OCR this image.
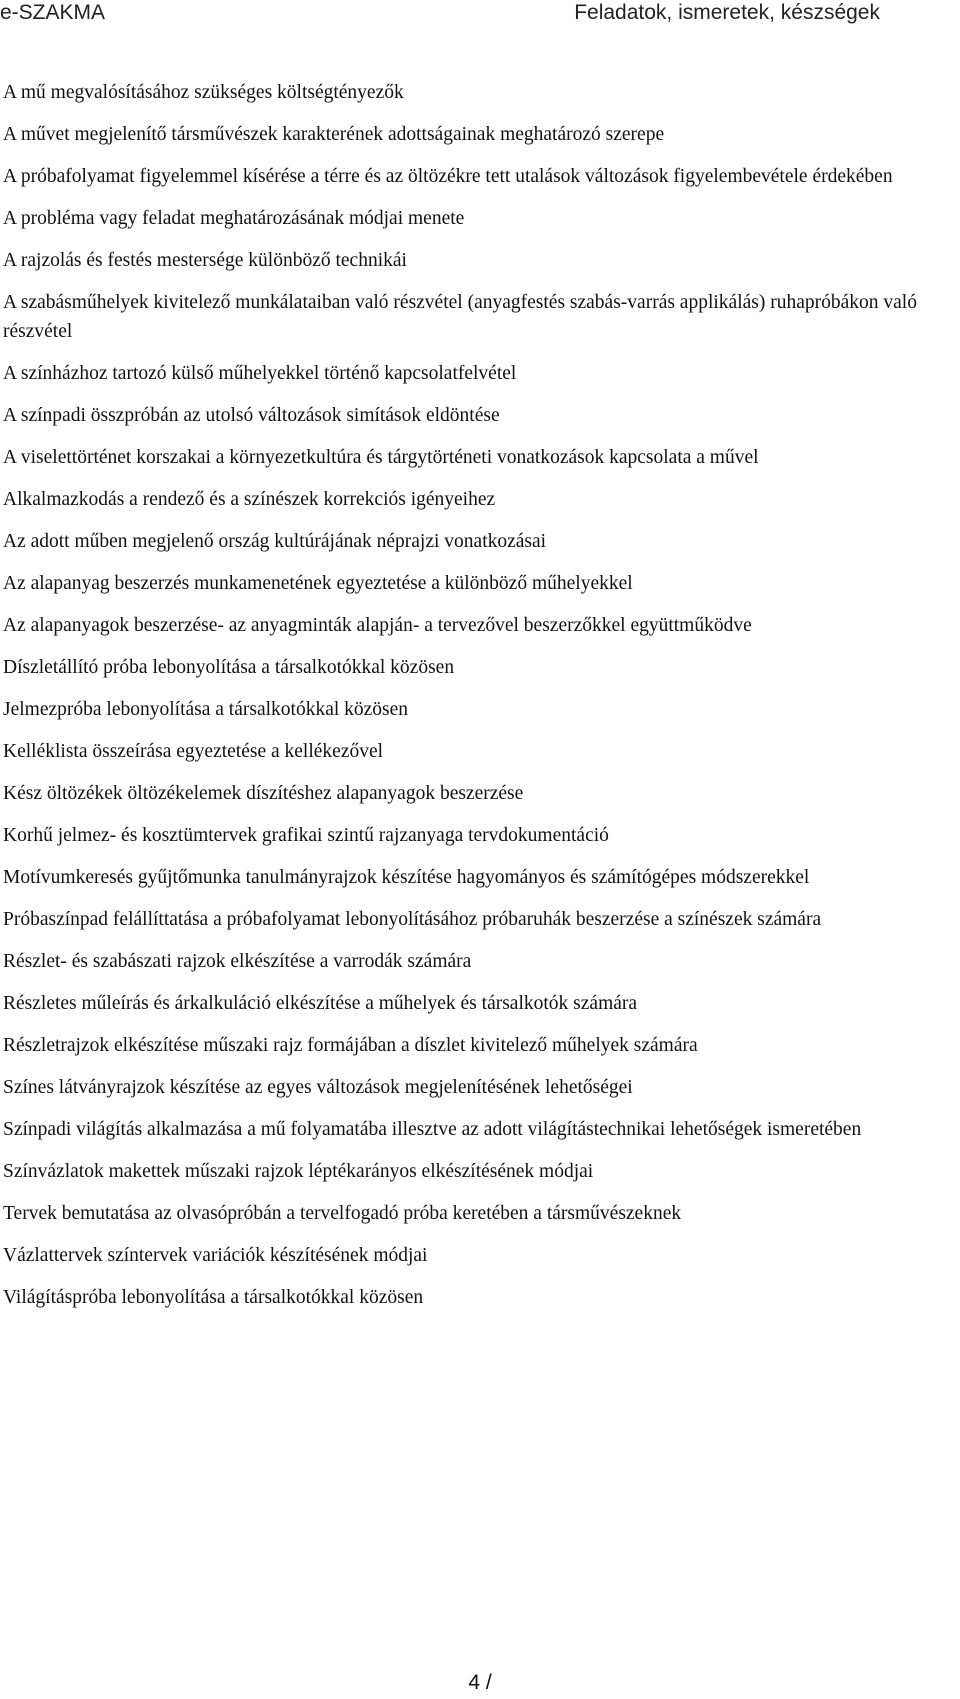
e-SZAKMA	Feladatok, ismeretek, készségek

A mű megvalósításához szükséges költségtényezők

A művet megjelenítő társművészek karakterének adottságainak meghatározó szerepe

A próbafolyamat figyelemmel kísérése a térre és az öltözékre tett utalások változások figyelembevétele érdekében

A probléma vagy feladat meghatározásának módjai menete

A rajzolás és festés mestersége különböző technikái

A szabásműhelyek kivitelező munkálataiban való részvétel (anyagfestés szabás-varrás applikálás) ruhapróbákon való részvétel

A színházhoz tartozó külső műhelyekkel történő kapcsolatfelvétel

A színpadi összpróbán az utolsó változások simítások eldöntése

A viselettörténet korszakai a környezetkultúra és tárgytörténeti vonatkozások kapcsolata a művel

Alkalmazkodás a rendező és a színészek korrekciós igényeihez

Az adott műben megjelenő ország kultúrájának néprajzi vonatkozásai

Az alapanyag beszerzés munkamenetének egyeztetése a különböző műhelyekkel

Az alapanyagok beszerzése- az anyagminták alapján- a tervezővel beszerzőkkel együttműködve

Díszletállító próba lebonyolítása a társalkotókkal közösen

Jelmezpróba lebonyolítása a társalkotókkal közösen

Kelléklista összeírása egyeztetése a kellékezővel

Kész öltözékek öltözékelemek díszítéshez alapanyagok beszerzése

Korhű jelmez- és kosztümtervek grafikai szintű rajzanyaga tervdokumentáció

Motívumkeresés gyűjtőmunka tanulmányrajzok készítése hagyományos és számítógépes módszerekkel

Próbaszínpad felállíttatása a próbafolyamat lebonyolításához próbaruhák beszerzése a színészek számára

Részlet- és szabászati rajzok elkészítése a varrodák számára

Részletes műleírás és árkalkuláció elkészítése a műhelyek és társalkotók számára

Részletrajzok elkészítése műszaki rajz formájában a díszlet kivitelező műhelyek számára

Színes látványrajzok készítése az egyes változások megjelenítésének lehetőségei

Színpadi világítás alkalmazása a mű folyamatába illesztve az adott világítástechnikai lehetőségek ismeretében

Színvázlatok makettek műszaki rajzok léptékarányos elkészítésének módjai

Tervek bemutatása az olvasópróbán a tervelfogadó próba keretében a társművészeknek

Vázlattervek színtervek variációk készítésének módjai

Világításpróba lebonyolítása a társalkotókkal közösen

4 /
